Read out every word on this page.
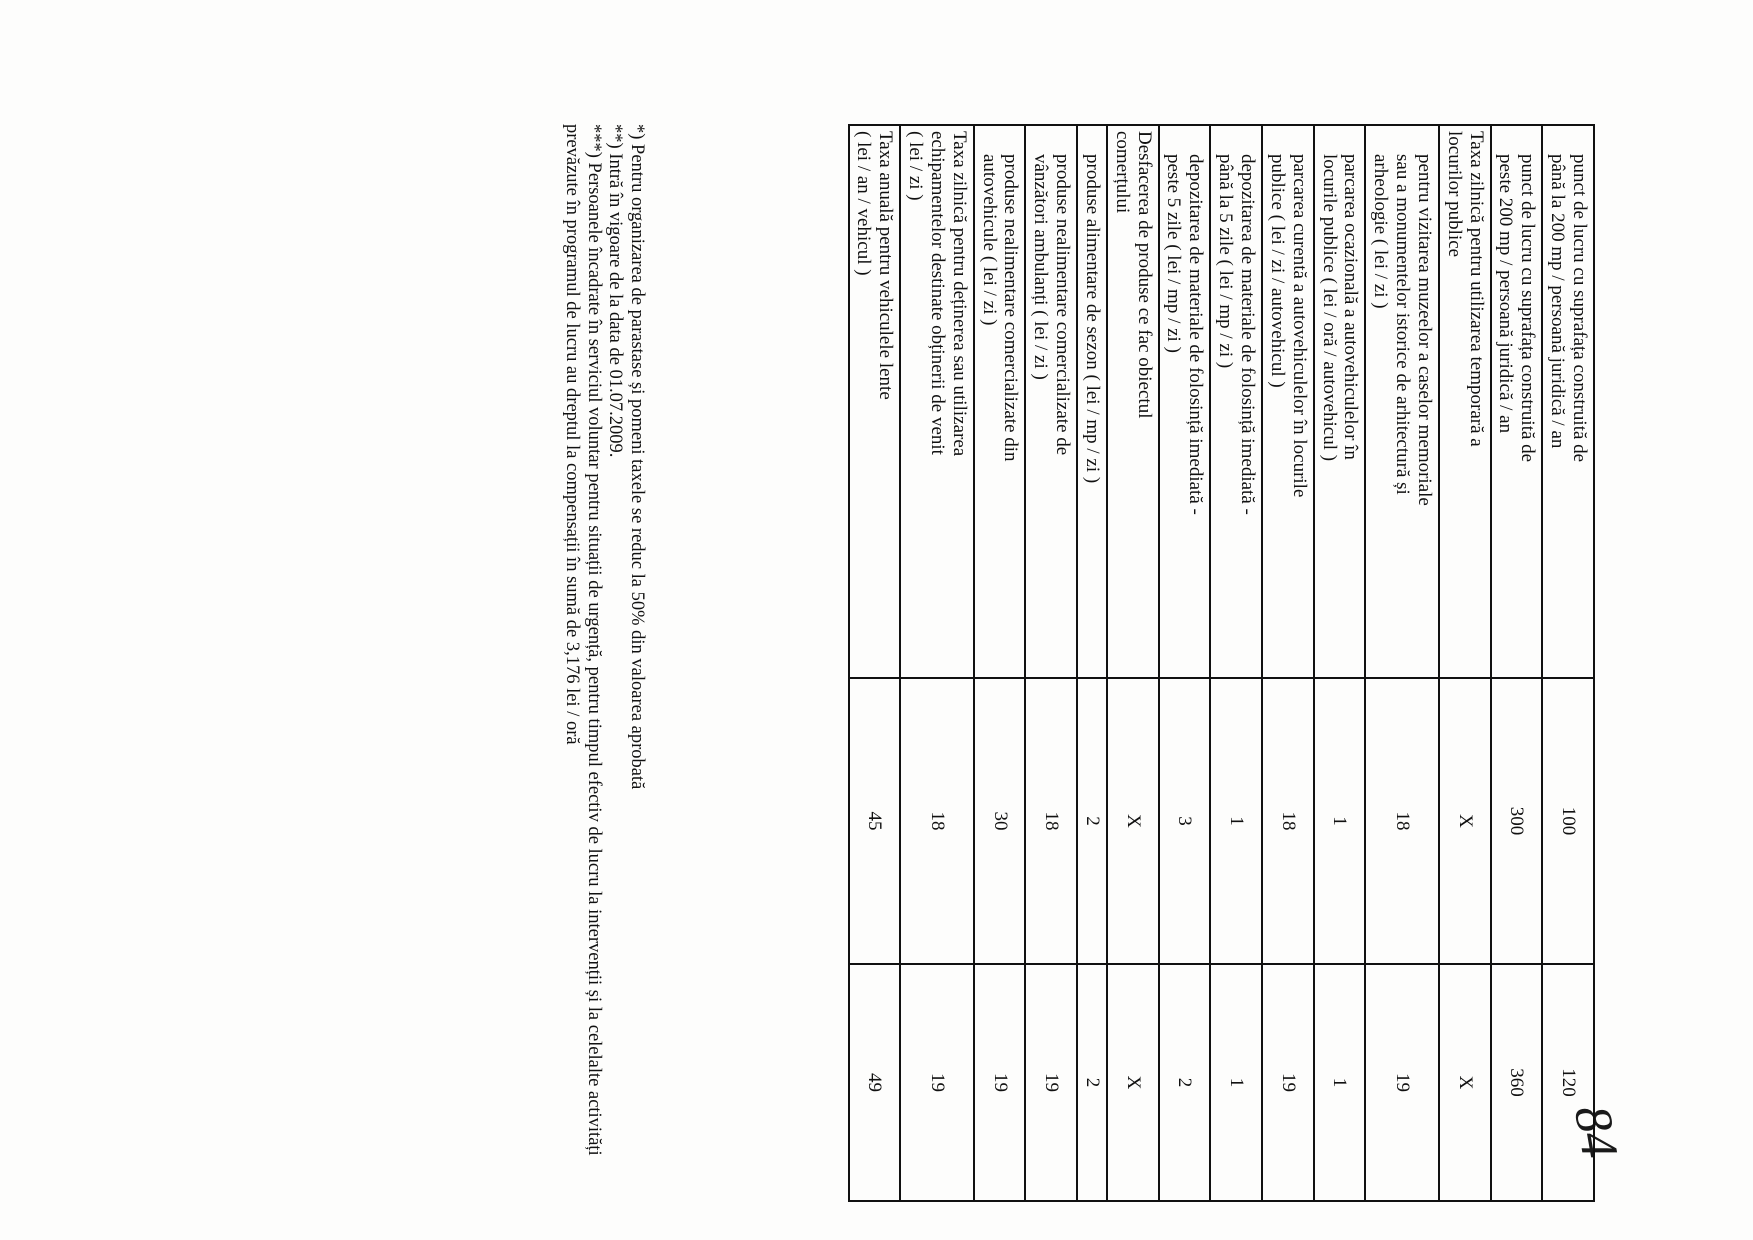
84
punct de lucru cu suprafața construită de
până la 200 mp / persoană juridică / an	100	120
punct de lucru cu suprafața construită de
peste 200 mp / persoană juridică / an	300	360
Taxa zilnică pentru utilizarea temporară a
locurilor publice	X	X
pentru vizitarea muzeelor a caselor memoriale
sau a monumentelor istorice de arhitectură și
arheologie ( lei / zi )	18	19
parcarea ocazională a autovehiculelor în
locurile publice ( lei / oră / autovehicul )	1	1
parcarea curentă a autovehiculelor în locurile
publice ( lei / zi / autovehicul )	18	19
depozitarea de materiale de folosință imediată -
până la 5 zile ( lei / mp / zi )	1	1
depozitarea de materiale de folosință imediată -
peste 5 zile ( lei / mp / zi )	3	2
Desfacerea de produse ce fac obiectul
comerțului	X	X
produse alimentare de sezon ( lei / mp / zi )	2	2
produse nealimentare comercializate de
vânzători ambulanți ( lei / zi )	18	19
produse nealimentare comercializate din
autovehicule ( lei / zi )	30	19
Taxa zilnică pentru deținerea sau utilizarea
echipamentelor destinate obținerii de venit
( lei / zi )	18	19
Taxa anuală pentru vehiculele lente
( lei / an / vehicul )	45	49

*) Pentru organizarea de parastase și pomeni taxele se reduc la 50% din valoarea aprobată

**) Intră în vigoare de la data de 01.07.2009.

***) Persoanele încadrate în serviciul voluntar pentru situații de urgență, pentru timpul efectiv de lucru la intervenții și la celelalte activități prevăzute în programul de lucru au dreptul la compensații în sumă de 3,176 lei / oră
